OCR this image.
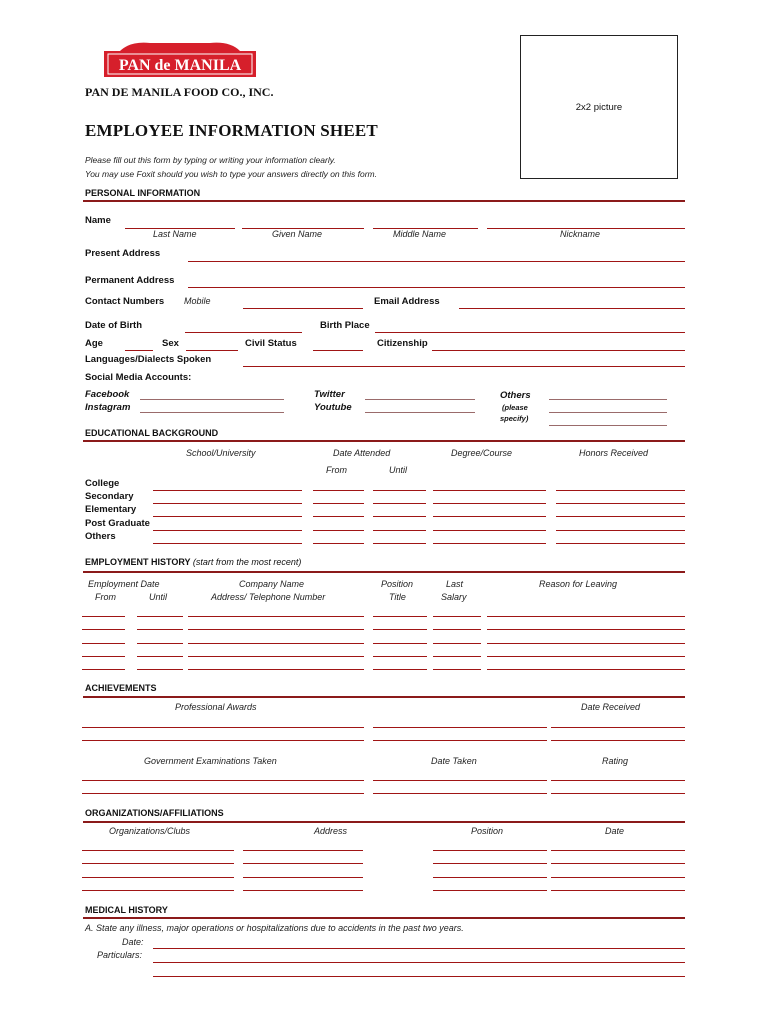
PAN de MANILA
PAN DE MANILA FOOD CO., INC.
EMPLOYEE INFORMATION SHEET
Please fill out this form by typing or writing your information clearly.
You may use Foxit should you wish to type your answers directly on this form.
2x2 picture
PERSONAL INFORMATION
Name
Last Name	Given Name	Middle Name	Nickname
Present Address
Permanent Address
Contact Numbers Mobile	Email Address
Date of Birth	Birth Place
Age	Sex	Civil Status	Citizenship
Languages/Dialects Spoken
Social Media Accounts:
Facebook
Instagram
Twitter
Youtube
Others
(please
specify)
EDUCATIONAL BACKGROUND
School/University	Date Attended	Degree/Course	Honors Received
From	Until
College
Secondary
Elementary
Post Graduate
Others
EMPLOYMENT HISTORY (start from the most recent)
Employment Date
From	Until
Company Name
Address/ Telephone Number
Position
Title
Last
Salary
Reason for Leaving
ACHIEVEMENTS
Professional Awards	Date Received
Government Examinations Taken	Date Taken	Rating
ORGANIZATIONS/AFFILIATIONS
Organizations/Clubs	Address	Position	Date
MEDICAL HISTORY
A. State any illness, major operations or hospitalizations due to accidents in the past two years.
Date:
Particulars:
